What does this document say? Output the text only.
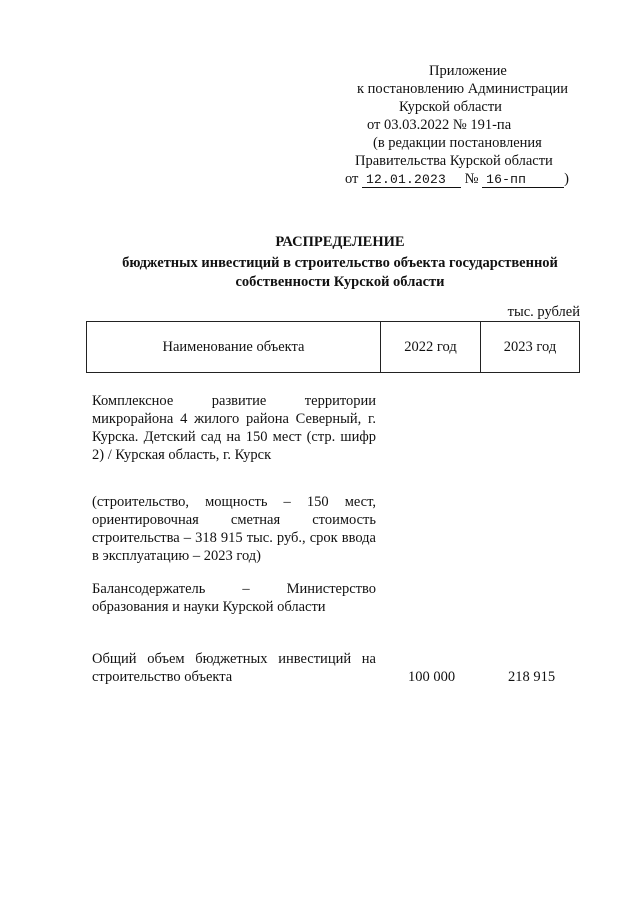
Приложение
к постановлению Администрации
Курской области
от 03.03.2022 № 191-па
(в редакции постановления
Правительства Курской области
от 12.01.2023 № 16-пп	)
РАСПРЕДЕЛЕНИЕ
бюджетных инвестиций в строительство объекта государственной
собственности Курской области
тыс. рублей
Наименование объекта	2022 год	2023 год
Комплексное развитие территории микрорайона 4 жилого района Северный, г. Курска. Детский сад на 150 мест (стр. шифр 2) / Курская область, г. Курск
(строительство, мощность – 150 мест, ориентировочная сметная стоимость строительства – 318 915 тыс. руб., срок ввода в эксплуатацию – 2023 год)
Балансодержатель – Министерство образования и науки Курской области
Общий объем бюджетных инвестиций на строительство объекта	100 000	218 915
